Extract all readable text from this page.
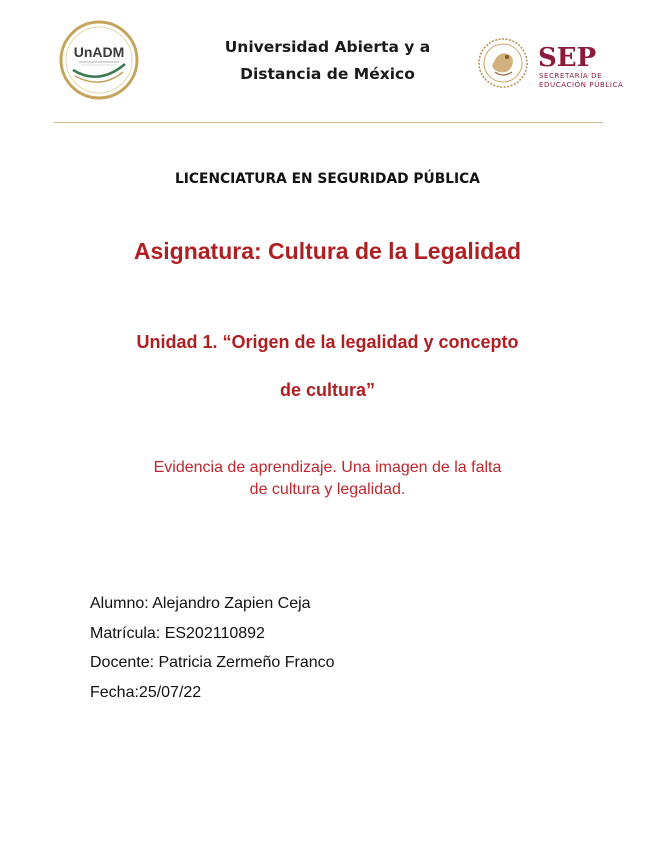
UnADM	Universidad Abierta y a
Distancia de México
SEP
SECRETARÍA DE
EDUCACIÓN PÚBLICA
LICENCIATURA EN SEGURIDAD PÚBLICA
Asignatura: Cultura de la Legalidad
Unidad 1. “Origen de la legalidad y concepto
de cultura”
Evidencia de aprendizaje. Una imagen de la falta
de cultura y legalidad.
Alumno: Alejandro Zapien Ceja
Matrícula: ES202110892
Docente: Patricia Zermeño Franco
Fecha:25/07/22
